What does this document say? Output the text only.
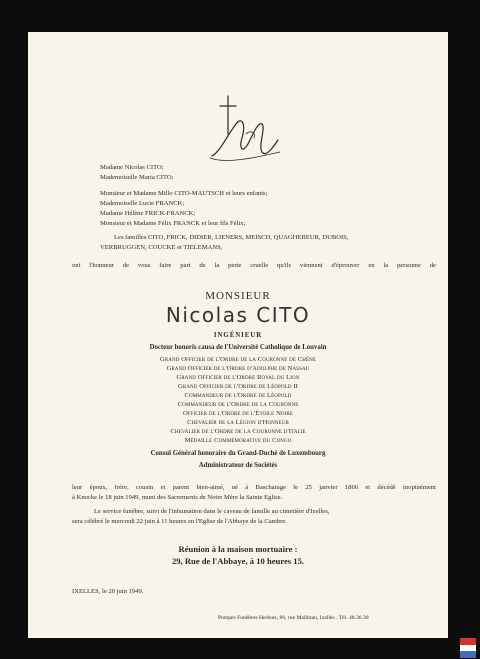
Madame Nicolas CITO;
Mademoiselle Maria CITO;
Monsieur et Madame Millo CITO-MAUTSCH et leurs enfants;
Mademoiselle Lucie FRANCK;
Madame Hélène FRICK-FRANCK;
Monsieur et Madame Félix FRANCK et leur fils Félix;
Les familles CITO, FRICK, DIDIER, LIENERS, MEISCH, QUAGHEBEUR, DUBOIS,
VERBRUGGEN, COUCKE et TIELEMANS,
ont l'honneur de vous faire part de la perte cruelle qu'ils viennent d'éprouver en la personne de
MONSIEUR
Nicolas CITO
INGÉNIEUR
Docteur honoris causa de l'Université Catholique de Louvain
Grand Officier de l'Ordre de la Couronne de Chêne
Grand Officier de l'Ordre d'Adolphe de Nassau
Grand Officier de l'Ordre Royal du Lion
Grand Officier de l'Ordre de Léopold II
Commandeur de l'Ordre de Léopold
Commandeur de l'Ordre de la Couronne
Officier de l'Ordre de l'Étoile Noire
Chevalier de la Légion d'Honneur
Chevalier de l'Ordre de la Couronne d'Italie
Médaille Commémorative du Congo
Consul Général honoraire du Grand-Duché de Luxembourg
Administrateur de Sociétés
leur époux, frère, cousin et parent bien-aimé, né à Bascharage le 25 janvier 1866 et décédé inopinément
à Knocke le 18 juin 1949, muni des Sacrements de Notre Mère la Sainte Eglise.
Le service funèbre, suivi de l'inhumation dans le caveau de famille au cimetière d'Ixelles,
sera célébré le mercredi 22 juin à 11 heures en l'Eglise de l'Abbaye de la Cambre.
Réunion à la maison mortuaire :
29, Rue de l'Abbaye, à 10 heures 15.
IXELLES, le 20 juin 1949.
Pompes Funèbres Herbots, 86, rue Malibran, Ixelles . Tél. 48.36.30
